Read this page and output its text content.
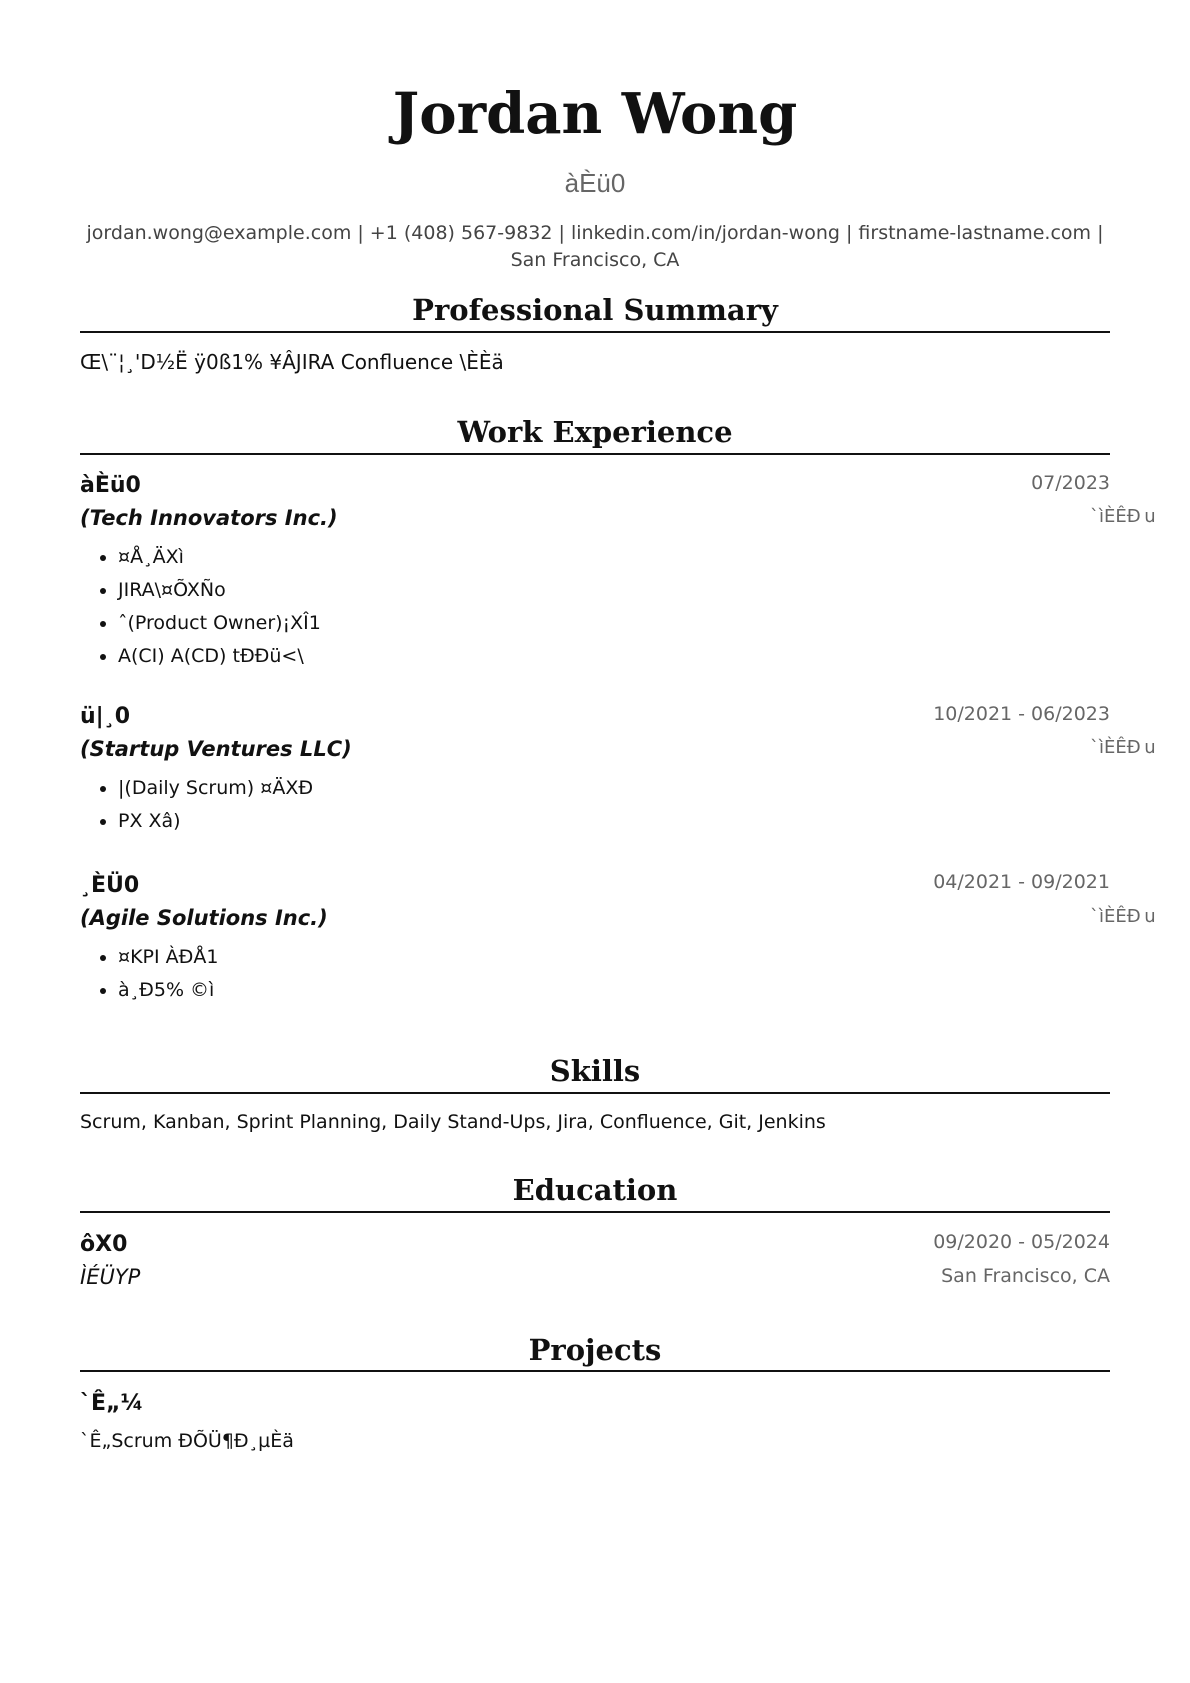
Jordan Wong
àÈü0
jordan.wong@example.com | +1 (408) 567-9832 | linkedin.com/in/jordan-wong | firstname-lastname.com | San Francisco, CA
Professional Summary
Œ\¨¦¸'D½Ë ÿ0ß1% ¥ÂJIRA Confluence \ÈÈä
Work Experience
àÈü0	07/2023
(Tech Innovators Inc.)	`ìÈÊÐ u
• ¤Å¸ÄXì
• JIRA\¤ÕXÑo
• ˆ(Product Owner)¡XÎ1
• A(CI) A(CD) tÐÐü<\
ü|¸0	10/2021 - 06/2023
(Startup Ventures LLC)	`ìÈÊÐ u
• |(Daily Scrum) ¤ÄXÐ
• PX Xâ)
¸ÈÜ0	04/2021 - 09/2021
(Agile Solutions Inc.)	`ìÈÊÐ u
• ¤KPI ÀÐÅ1
• à¸Ð5% ©ì
Skills
Scrum, Kanban, Sprint Planning, Daily Stand-Ups, Jira, Confluence, Git, Jenkins
Education
ôX0	09/2020 - 05/2024
ÌÉÜYP	San Francisco, CA
Projects
`Ê„¼
`Ê„Scrum ÐÕÜ¶Ð¸µÈä
